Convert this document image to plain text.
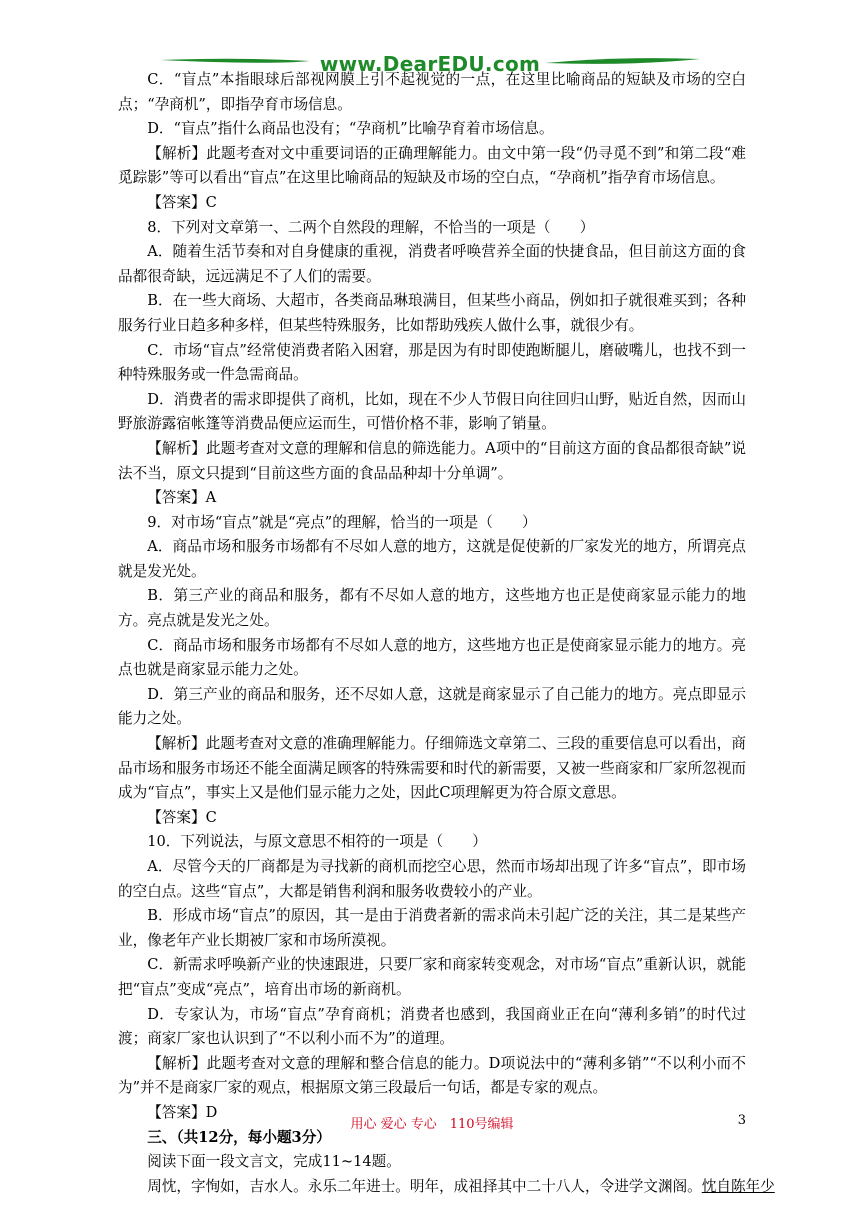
www.DearEDU.com

C．“盲点”本指眼球后部视网膜上引不起视觉的一点，在这里比喻商品的短缺及市场的空白点；“孕商机”，即指孕育市场信息。

D．“盲点”指什么商品也没有；“孕商机”比喻孕育着市场信息。

【解析】此题考查对文中重要词语的正确理解能力。由文中第一段“仍寻觅不到”和第二段“难觅踪影”等可以看出“盲点”在这里比喻商品的短缺及市场的空白点，“孕商机”指孕育市场信息。

【答案】C

8．下列对文章第一、二两个自然段的理解，不恰当的一项是（　　）

A．随着生活节奏和对自身健康的重视，消费者呼唤营养全面的快捷食品，但目前这方面的食品都很奇缺，远远满足不了人们的需要。

B．在一些大商场、大超市，各类商品琳琅满目，但某些小商品，例如扣子就很难买到；各种服务行业日趋多种多样，但某些特殊服务，比如帮助残疾人做什么事，就很少有。

C．市场“盲点”经常使消费者陷入困窘，那是因为有时即使跑断腿儿，磨破嘴儿，也找不到一种特殊服务或一件急需商品。

D．消费者的需求即提供了商机，比如，现在不少人节假日向往回归山野，贴近自然，因而山野旅游露宿帐篷等消费品便应运而生，可惜价格不菲，影响了销量。

【解析】此题考查对文意的理解和信息的筛选能力。A项中的“目前这方面的食品都很奇缺”说法不当，原文只提到“目前这些方面的食品品种却十分单调”。

【答案】A

9．对市场“盲点”就是“亮点”的理解，恰当的一项是（　　）

A．商品市场和服务市场都有不尽如人意的地方，这就是促使新的厂家发光的地方，所谓亮点就是发光处。

B．第三产业的商品和服务，都有不尽如人意的地方，这些地方也正是使商家显示能力的地方。亮点就是发光之处。

C．商品市场和服务市场都有不尽如人意的地方，这些地方也正是使商家显示能力的地方。亮点也就是商家显示能力之处。

D．第三产业的商品和服务，还不尽如人意，这就是商家显示了自己能力的地方。亮点即显示能力之处。

【解析】此题考查对文意的准确理解能力。仔细筛选文章第二、三段的重要信息可以看出，商品市场和服务市场还不能全面满足顾客的特殊需要和时代的新需要，又被一些商家和厂家所忽视而成为“盲点”，事实上又是他们显示能力之处，因此C项理解更为符合原文意思。

【答案】C

10．下列说法，与原文意思不相符的一项是（　　）

A．尽管今天的厂商都是为寻找新的商机而挖空心思，然而市场却出现了许多“盲点”，即市场的空白点。这些“盲点”，大都是销售利润和服务收费较小的产业。

B．形成市场“盲点”的原因，其一是由于消费者新的需求尚未引起广泛的关注，其二是某些产业，像老年产业长期被厂家和市场所漠视。

C．新需求呼唤新产业的快速跟进，只要厂家和商家转变观念，对市场“盲点”重新认识，就能把“盲点”变成“亮点”，培育出市场的新商机。

D．专家认为，市场“盲点”孕育商机；消费者也感到，我国商业正在向“薄利多销”的时代过渡；商家厂家也认识到了“不以利小而不为”的道理。

【解析】此题考查对文意的理解和整合信息的能力。D项说法中的“薄利多销”“不以利小而不为”并不是商家厂家的观点，根据原文第三段最后一句话，都是专家的观点。

【答案】D

三、（共12分，每小题3分）

阅读下面一段文言文，完成11~14题。

周忱，字恂如，吉水人。永乐二年进士。明年，成祖择其中二十八人，令进学文渊阁。忱自陈年少

用心 爱心 专心　110号编辑	3
